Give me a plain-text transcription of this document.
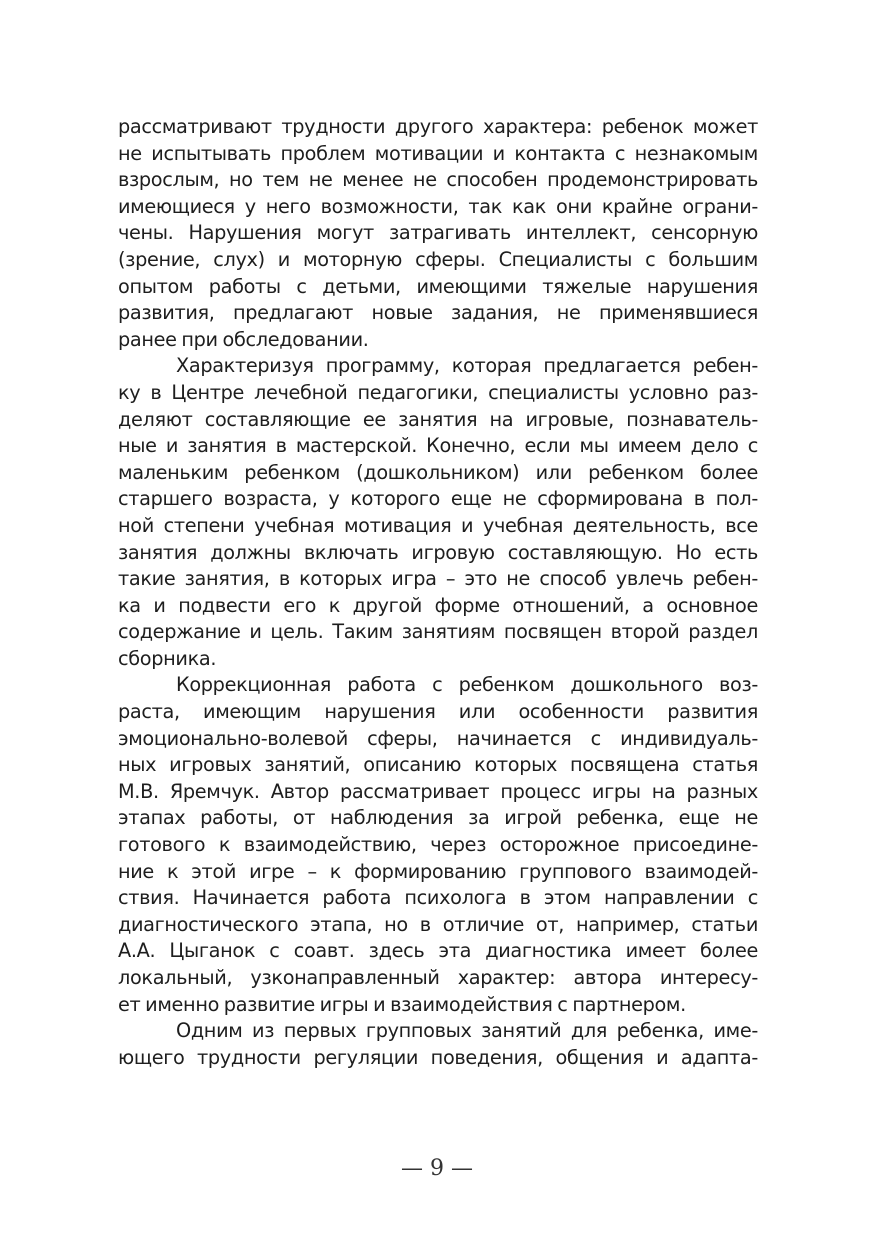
рассматривают трудности другого характера: ребенок может
не испытывать проблем мотивации и контакта с незнакомым
взрослым, но тем не менее не способен продемонстрировать
имеющиеся у него возможности, так как они крайне ограни-
чены. Нарушения могут затрагивать интеллект, сенсорную
(зрение, слух) и моторную сферы. Специалисты с большим
опытом работы с детьми, имеющими тяжелые нарушения
развития, предлагают новые задания, не применявшиеся
ранее при обследовании.
Характеризуя программу, которая предлагается ребен-
ку в Центре лечебной педагогики, специалисты условно раз-
деляют составляющие ее занятия на игровые, познаватель-
ные и занятия в мастерской. Конечно, если мы имеем дело с
маленьким ребенком (дошкольником) или ребенком более
старшего возраста, у которого еще не сформирована в пол-
ной степени учебная мотивация и учебная деятельность, все
занятия должны включать игровую составляющую. Но есть
такие занятия, в которых игра – это не способ увлечь ребен-
ка и подвести его к другой форме отношений, а основное
содержание и цель. Таким занятиям посвящен второй раздел
сборника.
Коррекционная работа с ребенком дошкольного воз-
раста, имеющим нарушения или особенности развития
эмоционально-волевой сферы, начинается с индивидуаль-
ных игровых занятий, описанию которых посвящена статья
М.В. Яремчук. Автор рассматривает процесс игры на разных
этапах работы, от наблюдения за игрой ребенка, еще не
готового к взаимодействию, через осторожное присоедине-
ние к этой игре – к формированию группового взаимодей-
ствия. Начинается работа психолога в этом направлении с
диагностического этапа, но в отличие от, например, статьи
А.А. Цыганок с соавт. здесь эта диагностика имеет более
локальный, узконаправленный характер: автора интересу-
ет именно развитие игры и взаимодействия с партнером.
Одним из первых групповых занятий для ребенка, име-
ющего трудности регуляции поведения, общения и адапта-
— 9 —
